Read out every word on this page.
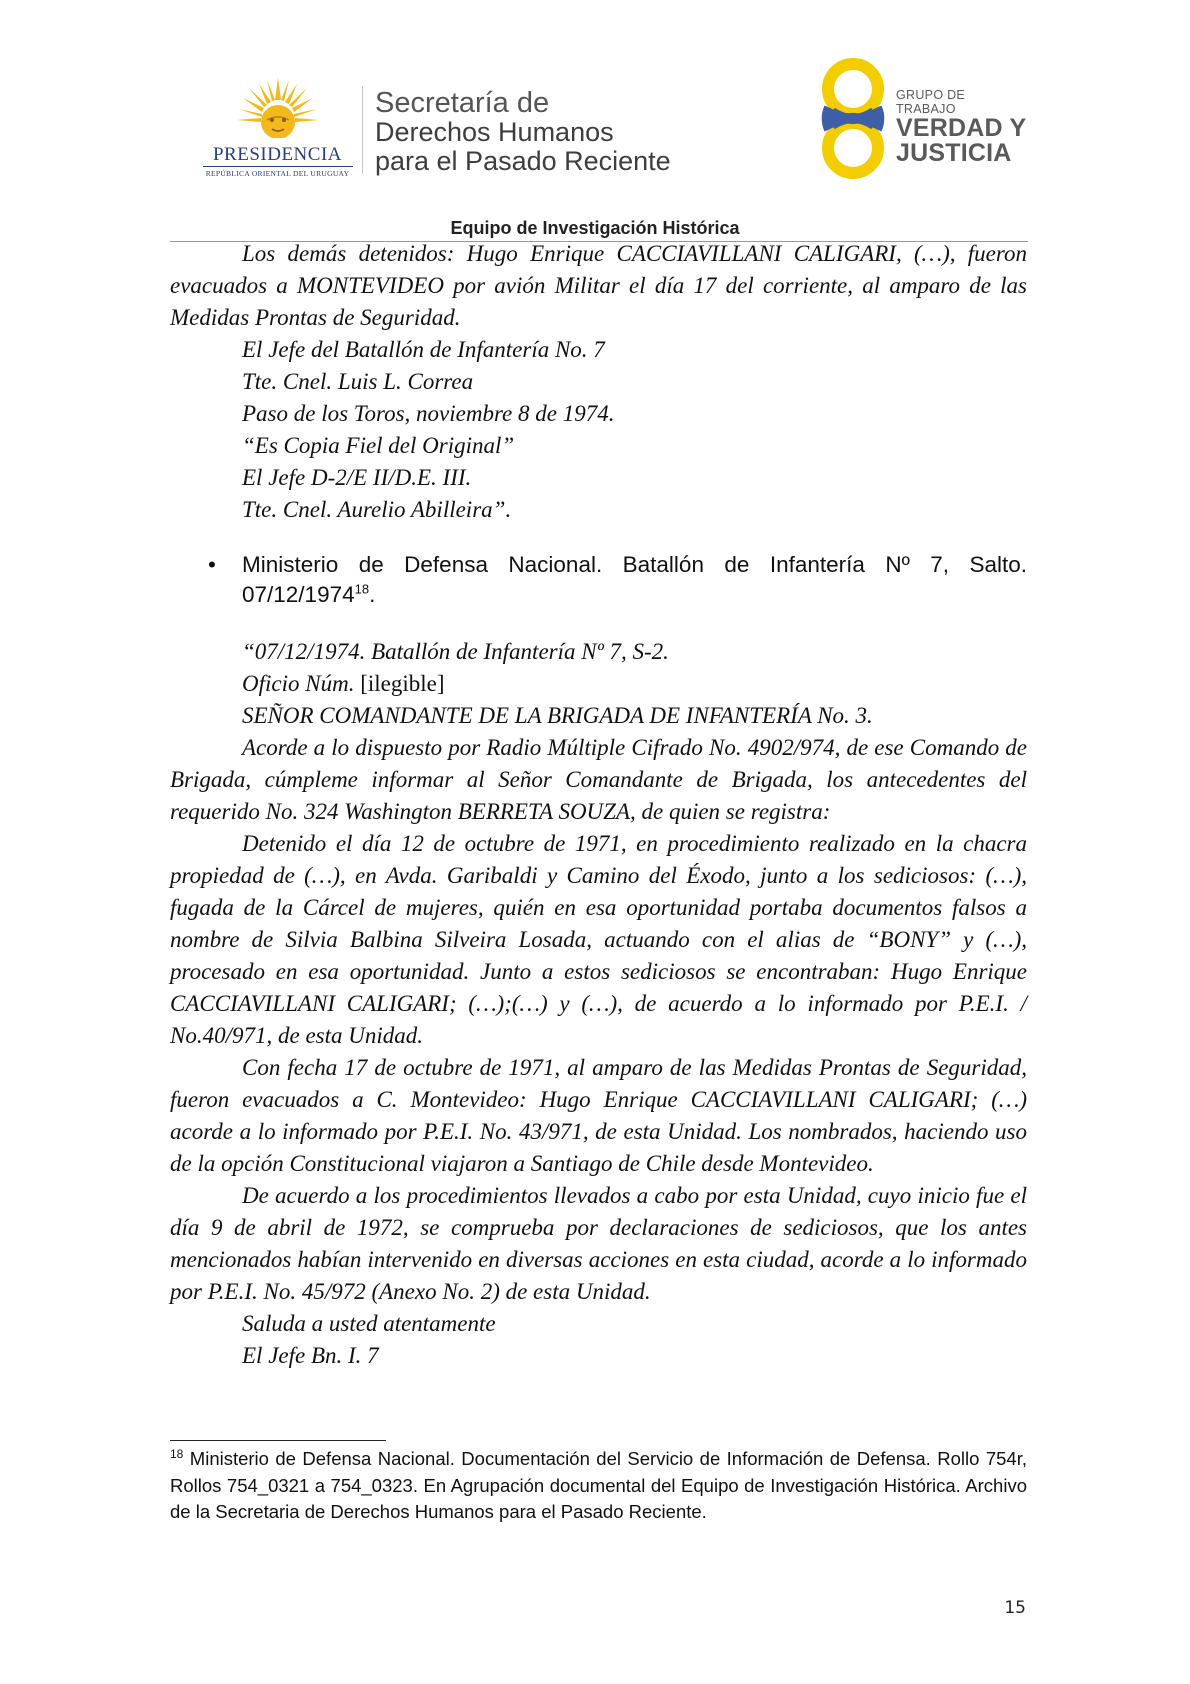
PRESIDENCIA
REPÚBLICA ORIENTAL DEL URUGUAY
Secretaría de
Derechos Humanos
para el Pasado Reciente
GRUPO DE TRABAJO
VERDAD Y
JUSTICIA
Equipo de Investigación Histórica

Los demás detenidos: Hugo Enrique CACCIAVILLANI CALIGARI, (…), fueron evacuados a MONTEVIDEO por avión Militar el día 17 del corriente, al amparo de las Medidas Prontas de Seguridad.

El Jefe del Batallón de Infantería No. 7

Tte. Cnel. Luis L. Correa

Paso de los Toros, noviembre 8 de 1974.

“Es Copia Fiel del Original”

El Jefe D-2/E II/D.E. III.

Tte. Cnel. Aurelio Abilleira”.

• Ministerio de Defensa Nacional. Batallón de Infantería Nº 7, Salto. 07/12/1974$^{18}$.

“07/12/1974. Batallón de Infantería Nº 7, S-2.

Oficio Núm. [ilegible]

SEÑOR COMANDANTE DE LA BRIGADA DE INFANTERÍA No. 3.

Acorde a lo dispuesto por Radio Múltiple Cifrado No. 4902/974, de ese Comando de Brigada, cúmpleme informar al Señor Comandante de Brigada, los antecedentes del requerido No. 324 Washington BERRETA SOUZA, de quien se registra:

Detenido el día 12 de octubre de 1971, en procedimiento realizado en la chacra propiedad de (…), en Avda. Garibaldi y Camino del Éxodo, junto a los sediciosos: (…), fugada de la Cárcel de mujeres, quién en esa oportunidad portaba documentos falsos a nombre de Silvia Balbina Silveira Losada, actuando con el alias de “BONY” y (…), procesado en esa oportunidad. Junto a estos sediciosos se encontraban: Hugo Enrique CACCIAVILLANI CALIGARI; (…);(…) y (…), de acuerdo a lo informado por P.E.I. / No.40/971, de esta Unidad.

Con fecha 17 de octubre de 1971, al amparo de las Medidas Prontas de Seguridad, fueron evacuados a C. Montevideo: Hugo Enrique CACCIAVILLANI CALIGARI; (…) acorde a lo informado por P.E.I. No. 43/971, de esta Unidad. Los nombrados, haciendo uso de la opción Constitucional viajaron a Santiago de Chile desde Montevideo.

De acuerdo a los procedimientos llevados a cabo por esta Unidad, cuyo inicio fue el día 9 de abril de 1972, se comprueba por declaraciones de sediciosos, que los antes mencionados habían intervenido en diversas acciones en esta ciudad, acorde a lo informado por P.E.I. No. 45/972 (Anexo No. 2) de esta Unidad.

Saluda a usted atentamente

El Jefe Bn. I. 7

$^{18}$ Ministerio de Defensa Nacional. Documentación del Servicio de Información de Defensa. Rollo 754r, Rollos 754_0321 a 754_0323. En Agrupación documental del Equipo de Investigación Histórica. Archivo de la Secretaria de Derechos Humanos para el Pasado Reciente.
15
